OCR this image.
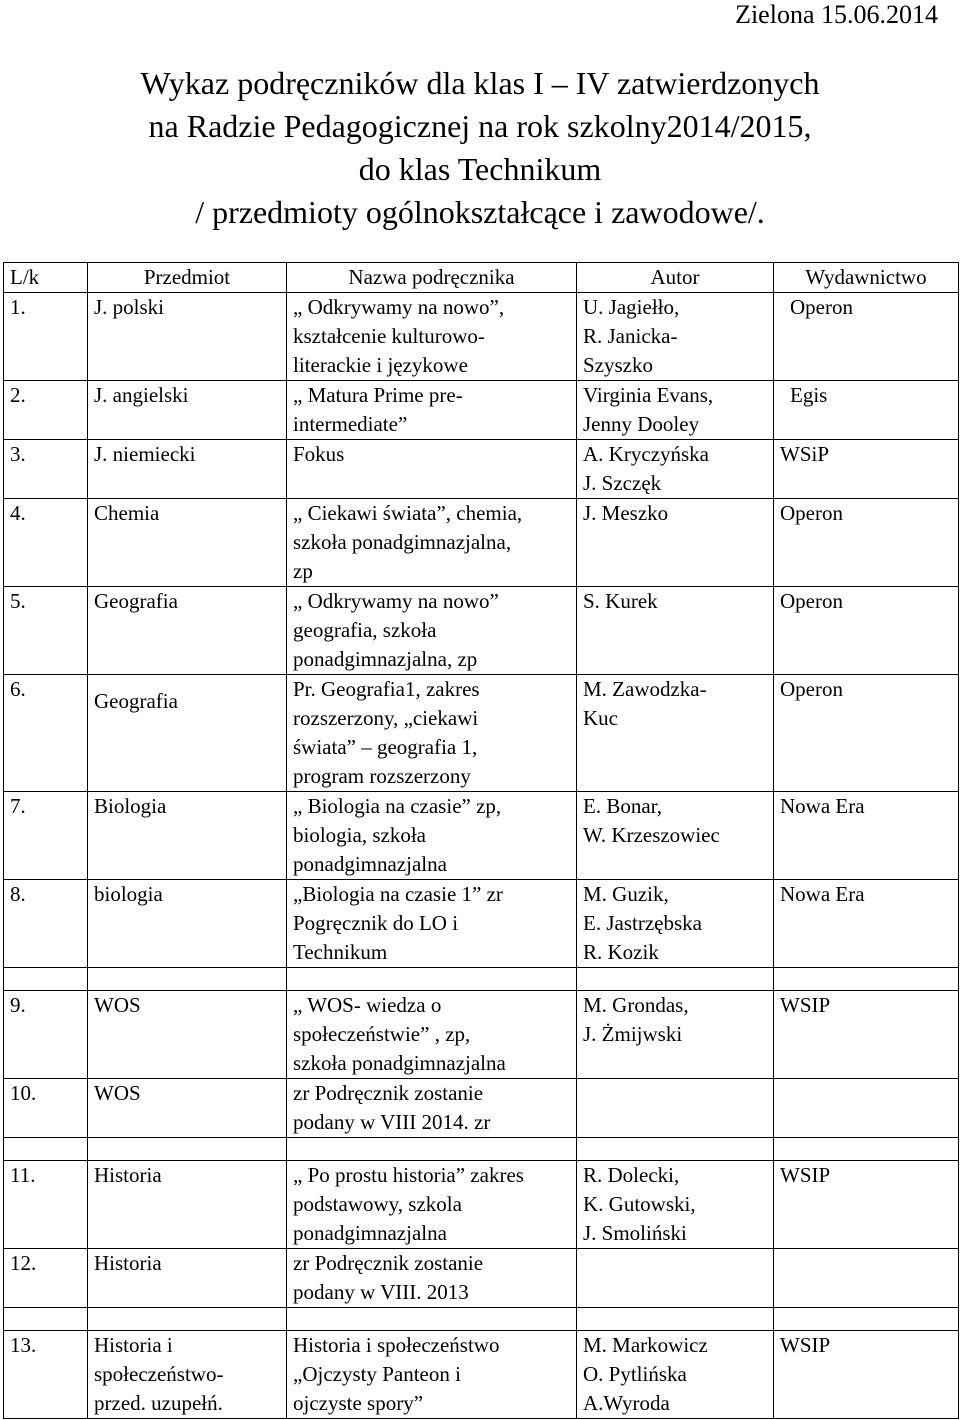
Zielona 15.06.2014
Wykaz podręczników dla klas I – IV zatwierdzonych
na Radzie Pedagogicznej na rok szkolny2014/2015,
do klas Technikum
/ przedmioty ogólnokształcące i zawodowe/.
L/k	Przedmiot	Nazwa podręcznika	Autor	Wydawnictwo
1.	J. polski	„ Odkrywamy na nowo”,
kształcenie kulturowo-
literackie i językowe	U. Jagiełło,
R. Janicka-
Szyszko	Operon
2.	J. angielski	„ Matura Prime pre-
intermediate”	Virginia Evans,
Jenny Dooley	Egis
3.	J. niemiecki	Fokus	A. Kryczyńska
J. Szczęk	WSiP
4.	Chemia	„ Ciekawi świata”, chemia,
szkoła ponadgimnazjalna,
zp	J. Meszko	Operon
5.	Geografia	„ Odkrywamy na nowo”
geografia, szkoła
ponadgimnazjalna, zp	S. Kurek	Operon
6.	Geografia	Pr. Geografia1, zakres
rozszerzony, „ciekawi
świata” – geografia 1,
program rozszerzony	M. Zawodzka-
Kuc	Operon
7.	Biologia	„ Biologia na czasie” zp,
biologia, szkoła
ponadgimnazjalna	E. Bonar,
W. Krzeszowiec	Nowa Era
8.	biologia	„Biologia na czasie 1” zr
Pogręcznik do LO i
Technikum	M. Guzik,
E. Jastrzębska
R. Kozik	Nowa Era

9.	WOS	„ WOS- wiedza o
społeczeństwie” , zp,
szkoła ponadgimnazjalna	M. Grondas,
J. Żmijwski	WSIP
10.	WOS	zr Podręcznik zostanie
podany w VIII 2014. zr		

11.	Historia	„ Po prostu historia” zakres
podstawowy, szkola
ponadgimnazjalna	R. Dolecki,
K. Gutowski,
J. Smoliński	WSIP
12.	Historia	zr Podręcznik zostanie
podany w VIII. 2013		

13.	Historia i
społeczeństwo-
przed. uzupełń.	Historia i społeczeństwo
„Ojczysty Panteon i
ojczyste spory”	M. Markowicz
O. Pytlińska
A.Wyroda	WSIP
